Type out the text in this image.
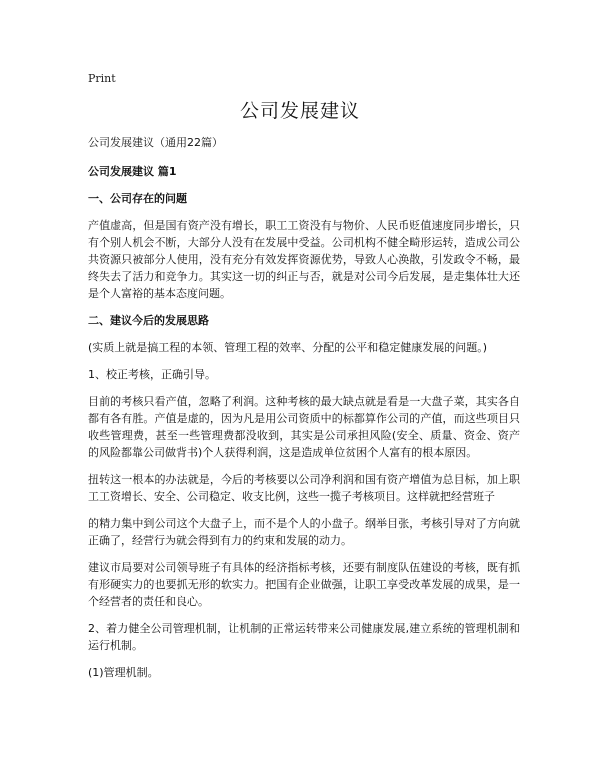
Print
公司发展建议

公司发展建议（通用22篇）

公司发展建议 篇1

一、公司存在的问题

产值虚高，但是国有资产没有增长，职工工资没有与物价、人民币贬值速度同步增长，只有个别人机会不断，大部分人没有在发展中受益。公司机构不健全畸形运转，造成公司公共资源只被部分人使用，没有充分有效发挥资源优势，导致人心涣散，引发政令不畅，最终失去了活力和竞争力。其实这一切的纠正与否，就是对公司今后发展，是走集体壮大还是个人富裕的基本态度问题。

二、建议今后的发展思路

(实质上就是搞工程的本领、管理工程的效率、分配的公平和稳定健康发展的问题。)

1、校正考核，正确引导。

目前的考核只看产值，忽略了利润。这种考核的最大缺点就是看是一大盘子菜，其实各自都有各有胜。产值是虚的，因为凡是用公司资质中的标都算作公司的产值，而这些项目只收些管理费，甚至一些管理费都没收到，其实是公司承担风险(安全、质量、资金、资产的风险都靠公司做背书)个人获得利润，这是造成单位贫困个人富有的根本原因。

扭转这一根本的办法就是，今后的考核要以公司净利润和国有资产增值为总目标，加上职工工资增长、安全、公司稳定、收支比例，这些一揽子考核项目。这样就把经营班子

的精力集中到公司这个大盘子上，而不是个人的小盘子。纲举目张，考核引导对了方向就正确了，经营行为就会得到有力的约束和发展的动力。

建议市局要对公司领导班子有具体的经济指标考核，还要有制度队伍建设的考核，既有抓有形硬实力的也要抓无形的软实力。把国有企业做强，让职工享受改革发展的成果，是一个经营者的责任和良心。

2、着力健全公司管理机制，让机制的正常运转带来公司健康发展,建立系统的管理机制和运行机制。

(1)管理机制。
